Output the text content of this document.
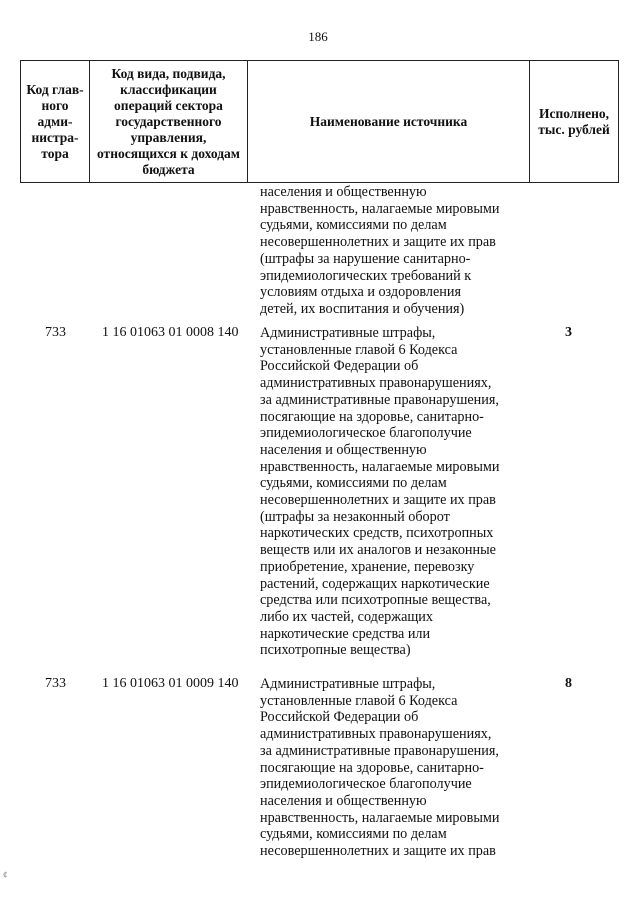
186
Код глав-
ного адми-
нистра-
тора
Код вида, подвида, классификации операций сектора государственного управления, относящихся к доходам бюджета
Наименование источника
Исполнено, тыс. рублей
населения и общественную
нравственность, налагаемые мировыми
судьями, комиссиями по делам
несовершеннолетних и защите их прав
(штрафы за нарушение санитарно-
эпидемиологических требований к
условиям отдыха и оздоровления
детей, их воспитания и обучения)
733	1 16 01063 01 0008 140 Административные штрафы,
установленные главой 6 Кодекса
Российской Федерации об
административных правонарушениях,
за административные правонарушения,
посягающие на здоровье, санитарно-
эпидемиологическое благополучие
населения и общественную
нравственность, налагаемые мировыми
судьями, комиссиями по делам
несовершеннолетних и защите их прав
(штрафы за незаконный оборот
наркотических средств, психотропных
веществ или их аналогов и незаконные
приобретение, хранение, перевозку
растений, содержащих наркотические
средства или психотропные вещества,
либо их частей, содержащих
наркотические средства или
психотропные вещества)
3
733	1 16 01063 01 0009 140 Административные штрафы,
установленные главой 6 Кодекса
Российской Федерации об
административных правонарушениях,
за административные правонарушения,
посягающие на здоровье, санитарно-
эпидемиологическое благополучие
населения и общественную
нравственность, налагаемые мировыми
судьями, комиссиями по делам
несовершеннолетних и защите их прав
8
¢
